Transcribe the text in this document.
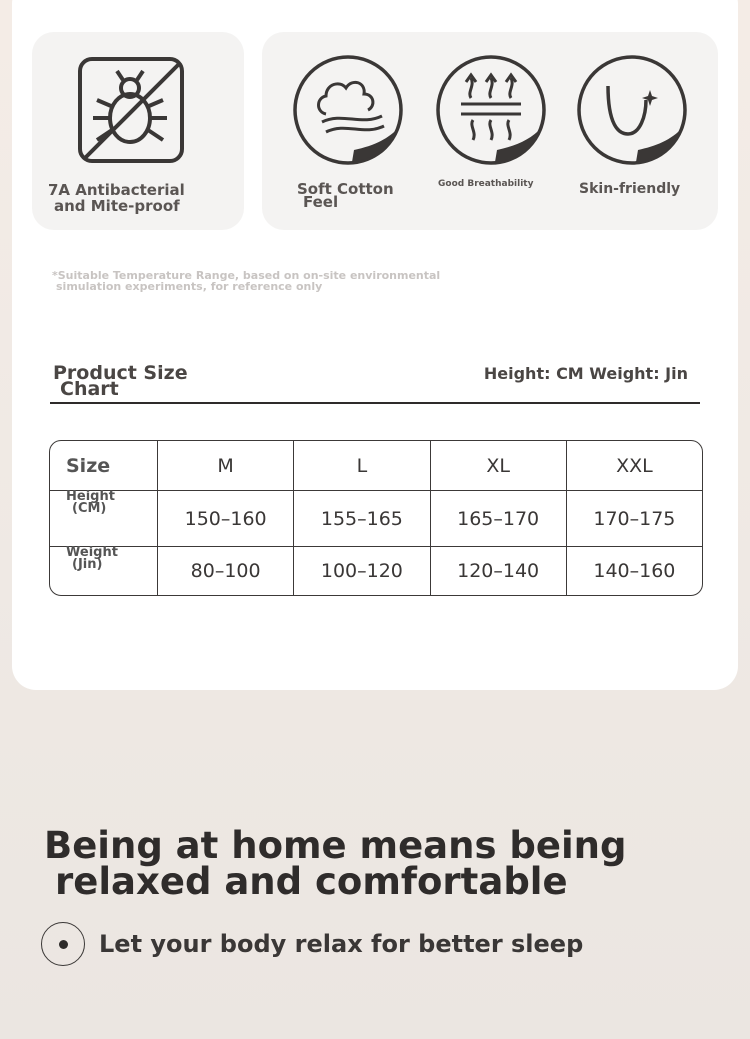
7A Antibacterial
and Mite-proof
Soft Cotton
Feel
Good Breathability	Skin-friendly
*Suitable Temperature Range, based on on-site environmental
simulation experiments, for reference only
Product Size
Chart
Height: CM Weight: Jin
Size	M	L	XL	XXL
Height
(CM)	150–160	155–165	165–170	170–175
Weight
(Jin)	80–100	100–120	120–140	140–160
Being at home means being
relaxed and comfortable
Let your body relax for better sleep
